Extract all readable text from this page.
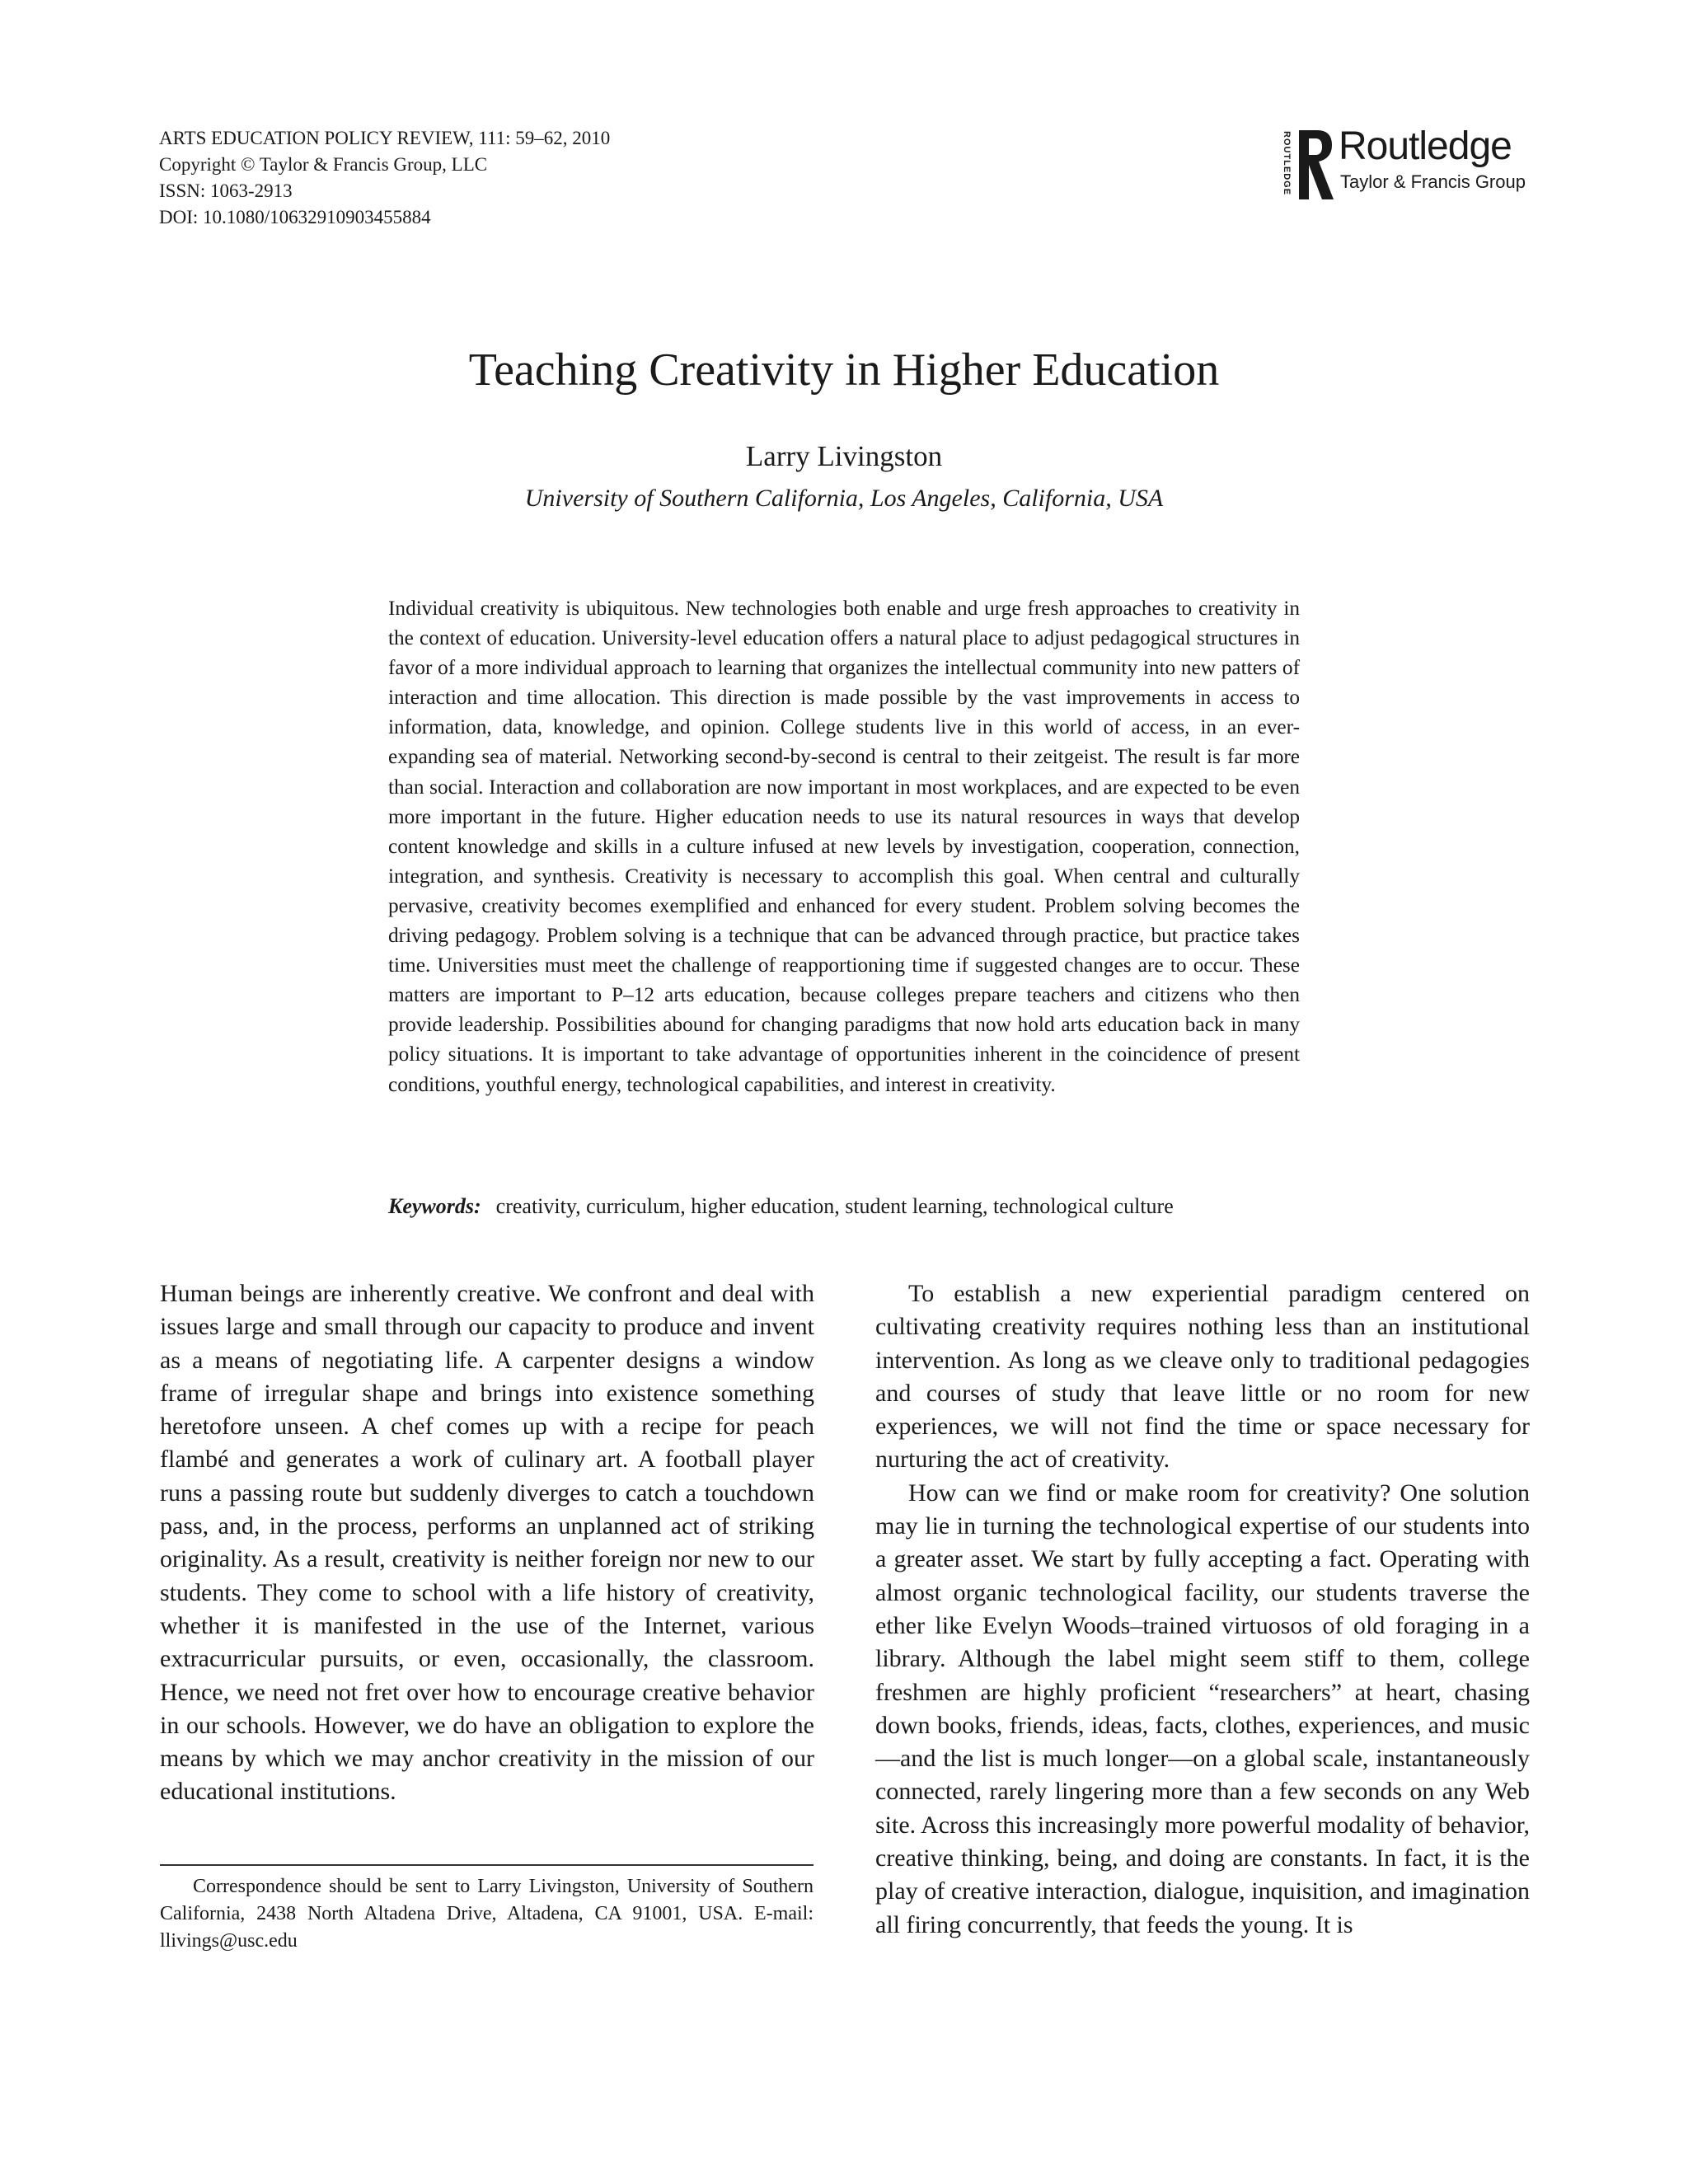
ARTS EDUCATION POLICY REVIEW, 111: 59–62, 2010
Copyright © Taylor & Francis Group, LLC
ISSN: 1063-2913
DOI: 10.1080/10632910903455884
ROUTLEDGE Routledge
Taylor & Francis Group
Teaching Creativity in Higher Education
Larry Livingston
University of Southern California, Los Angeles, California, USA

Individual creativity is ubiquitous. New technologies both enable and urge fresh approaches to creativity in the context of education. University-level education offers a natural place to adjust pedagogical structures in favor of a more individual approach to learning that organizes the intellectual community into new patters of interaction and time allocation. This direction is made possible by the vast improvements in access to information, data, knowledge, and opinion. College students live in this world of access, in an ever-expanding sea of material. Networking second-by-second is central to their zeitgeist. The result is far more than social. Interaction and collaboration are now important in most workplaces, and are expected to be even more important in the future. Higher education needs to use its natural resources in ways that develop content knowledge and skills in a culture infused at new levels by investigation, cooperation, connection, integration, and synthesis. Creativity is necessary to accomplish this goal. When central and culturally pervasive, creativity becomes exemplified and enhanced for every student. Problem solving becomes the driving pedagogy. Problem solving is a technique that can be advanced through practice, but practice takes time. Universities must meet the challenge of reapportioning time if suggested changes are to occur. These matters are important to P–12 arts education, because colleges prepare teachers and citizens who then provide leadership. Possibilities abound for changing paradigms that now hold arts education back in many policy situations. It is important to take advantage of opportunities inherent in the coincidence of present conditions, youthful energy, technological capabilities, and interest in creativity.

Keywords: creativity, curriculum, higher education, student learning, technological culture

Human beings are inherently creative. We confront and deal with issues large and small through our capacity to produce and invent as a means of negotiating life. A carpenter designs a window frame of irregular shape and brings into existence something heretofore unseen. A chef comes up with a recipe for peach flambé and generates a work of culinary art. A football player runs a passing route but suddenly diverges to catch a touchdown pass, and, in the process, performs an unplanned act of striking originality. As a result, creativity is neither foreign nor new to our students. They come to school with a life history of creativity, whether it is manifested in the use of the Internet, various extracurricular pursuits, or even, occasionally, the classroom. Hence, we need not fret over how to encourage creative behavior in our schools. However, we do have an obligation to explore the means by which we may anchor creativity in the mission of our educational institutions.

Correspondence should be sent to Larry Livingston, University of Southern California, 2438 North Altadena Drive, Altadena, CA 91001, USA. E-mail: llivings@usc.edu

To establish a new experiential paradigm centered on cultivating creativity requires nothing less than an institutional intervention. As long as we cleave only to traditional pedagogies and courses of study that leave little or no room for new experiences, we will not find the time or space necessary for nurturing the act of creativity.

How can we find or make room for creativity? One solution may lie in turning the technological expertise of our students into a greater asset. We start by fully accepting a fact. Operating with almost organic technological facility, our students traverse the ether like Evelyn Woods–trained virtuosos of old foraging in a library. Although the label might seem stiff to them, college freshmen are highly proficient “researchers” at heart, chasing down books, friends, ideas, facts, clothes, experiences, and music—and the list is much longer—on a global scale, instantaneously connected, rarely lingering more than a few seconds on any Web site. Across this increasingly more powerful modality of behavior, creative thinking, being, and doing are constants. In fact, it is the play of creative interaction, dialogue, inquisition, and imagination all firing concurrently, that feeds the young. It is
